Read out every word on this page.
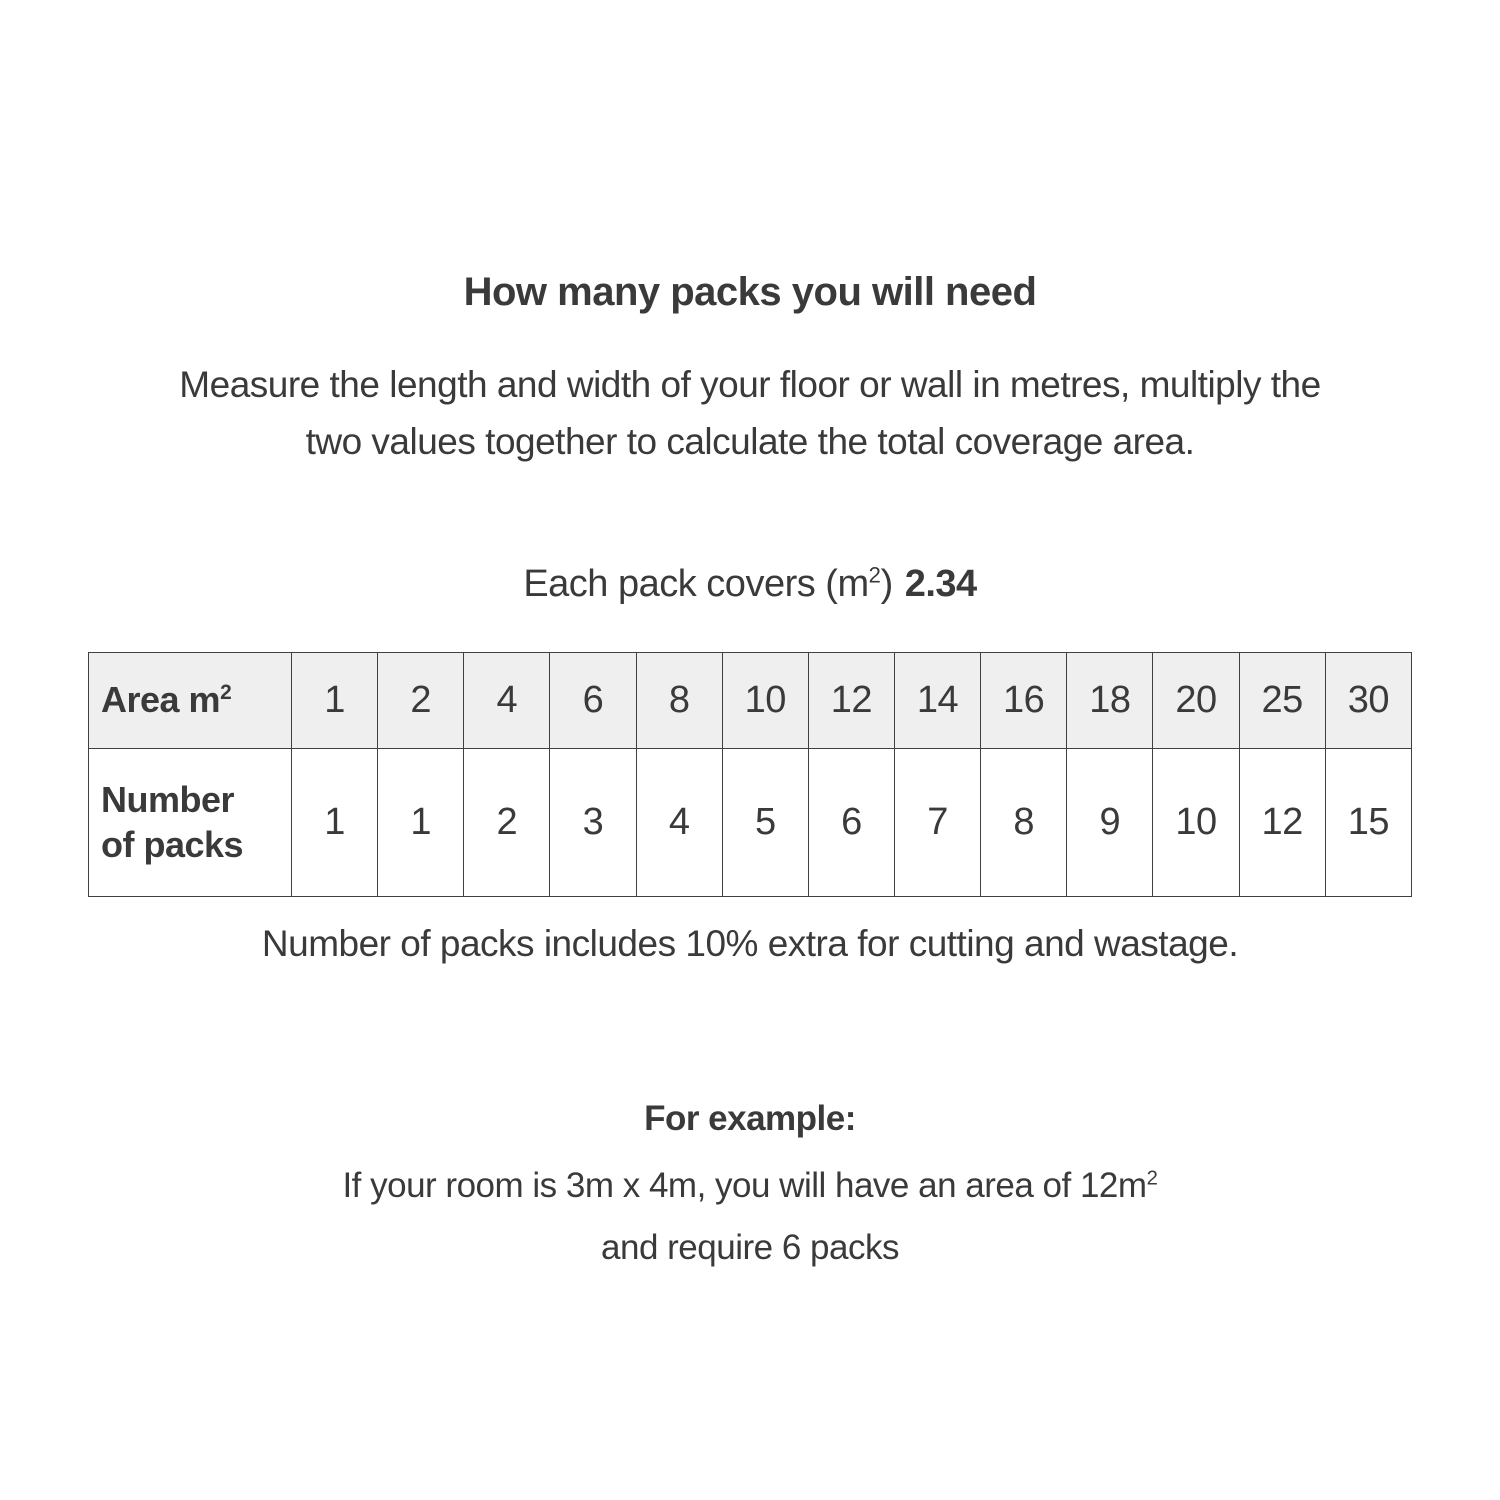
How many packs you will need

Measure the length and width of your floor or wall in metres, multiply the
two values together to calculate the total coverage area.

Each pack covers $(m^2)$ 2.34

Area $m^2$	1	2	4	6	8	10	12	14	16	18	20	25	30

Number
of packs	1	1	2	3	4	5	6	7	8	9	10	12	15

Number of packs includes 10% extra for cutting and wastage.

For example:

If your room is 3m x 4m, you will have an area of $12m^2$

and require 6 packs
